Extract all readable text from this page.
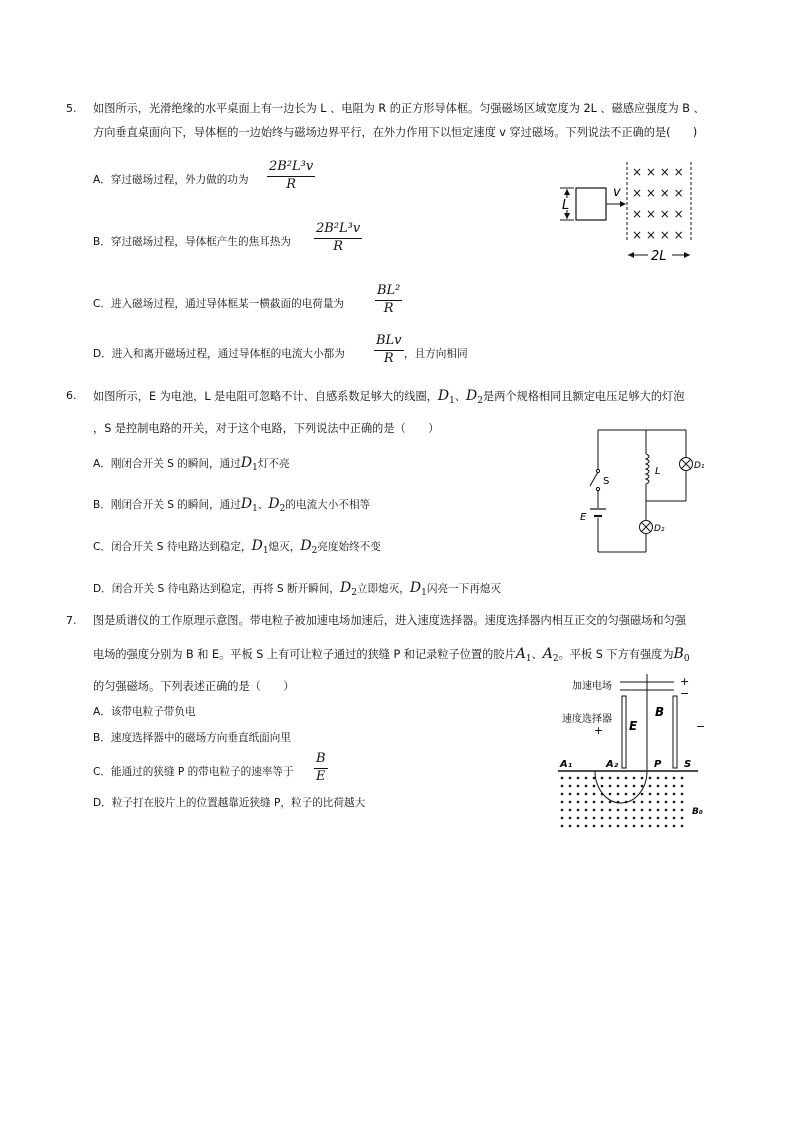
5. 如图所示，光滑绝缘的水平桌面上有一边长为 L 、电阻为 R 的正方形导体框。匀强磁场区域宽度为 2L 、磁感应强度为 B 、
方向垂直桌面向下，导体框的一边始终与磁场边界平行，在外力作用下以恒定速度 v 穿过磁场。下列说法不正确的是(　　)
A．穿过磁场过程，外力做的功为 $\frac{\text{2B²L³v}}{R}$
B．穿过磁场过程，导体框产生的焦耳热为 $\frac{\text{2B²L³v}}{R}$
C．进入磁场过程，通过导体框某一横截面的电荷量为 $\frac{\text{BL²}}{R}$
D．进入和离开磁场过程，通过导体框的电流大小都为
BLv
R ，且方向相同
L
v
× × × ×
× × × ×
× × × ×
× × × ×
2L
6. 如图所示，E 为电池，L 是电阻可忽略不计、自感系数足够大的线圈，$D_1$、$D_2$是两个规格相同且额定电压足够大的灯泡
，S 是控制电路的开关，对于这个电路，下列说法中正确的是（　　）
A．刚闭合开关 S 的瞬间，通过$D_1$灯不亮
B．刚闭合开关 S 的瞬间，通过$D_1$、$D_2$的电流大小不相等
C．闭合开关 S 待电路达到稳定，$D_1$熄灭，$D_2$亮度始终不变
D．闭合开关 S 待电路达到稳定，再将 S 断开瞬间，$D_2$立即熄灭，$D_1$闪亮一下再熄灭
S
E
L	D₁
D₂
7. 图是质谱仪的工作原理示意图。带电粒子被加速电场加速后，进入速度选择器。速度选择器内相互正交的匀强磁场和匀强
电场的强度分别为 B 和 E。平板 S 上有可让粒子通过的狭缝 P 和记录粒子位置的胶片$A_1$、$A_2$。平板 S 下方有强度为$B_0$
的匀强磁场。下列表述正确的是（　　）
A．该带电粒子带负电
B．速度选择器中的磁场方向垂直纸面向里
C．能通过的狭缝 P 的带电粒子的速率等于 $\frac{B}{E}$
D．粒子打在胶片上的位置越靠近狭缝 P，粒子的比荷越大
加速电场	+
−
速度选择器
+	−
E
B
A₁	A₂	P S
B₀
